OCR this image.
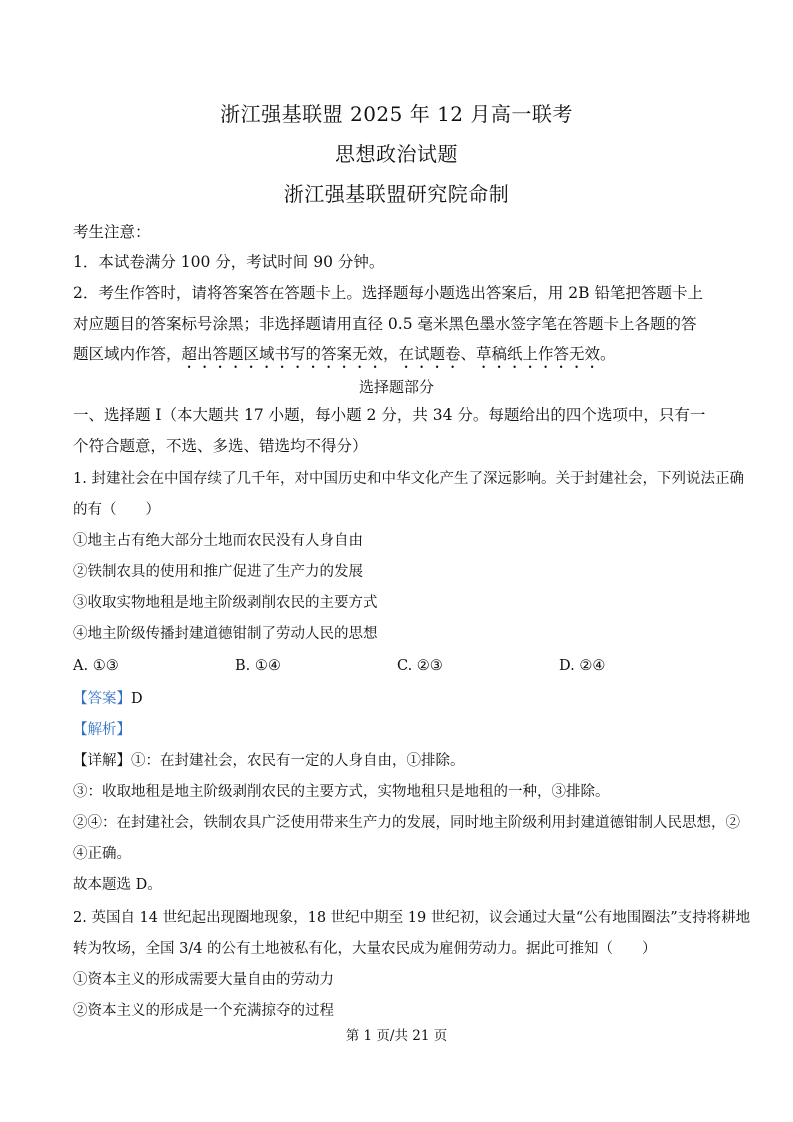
浙江强基联盟 2025 年 12 月高一联考
思想政治试题
浙江强基联盟研究院命制
考生注意：
1．本试卷满分 100 分，考试时间 90 分钟。
2．考生作答时，请将答案答在答题卡上。选择题每小题选出答案后，用 2B 铅笔把答题卡上
对应题目的答案标号涂黑；非选择题请用直径 0.5 毫米黑色墨水签字笔在答题卡上各题的答
题区域内作答，超出答题区域书写的答案无效，在试题卷、草稿纸上作答无效。
选择题部分
一、选择题 I（本大题共 17 小题，每小题 2 分，共 34 分。每题给出的四个选项中，只有一
个符合题意，不选、多选、错选均不得分）
1. 封建社会在中国存续了几千年，对中国历史和中华文化产生了深远影响。关于封建社会，下列说法正确
的有（　　）
①地主占有绝大部分土地而农民没有人身自由
②铁制农具的使用和推广促进了生产力的发展
③收取实物地租是地主阶级剥削农民的主要方式
④地主阶级传播封建道德钳制了劳动人民的思想
A. ①③	B. ①④	C. ②③	D. ②④
【答案】D
【解析】
【详解】①：在封建社会，农民有一定的人身自由，①排除。
③：收取地租是地主阶级剥削农民的主要方式，实物地租只是地租的一种，③排除。
②④：在封建社会，铁制农具广泛使用带来生产力的发展，同时地主阶级利用封建道德钳制人民思想，②
④正确。
故本题选 D。
2. 英国自 14 世纪起出现圈地现象，18 世纪中期至 19 世纪初，议会通过大量“公有地围圈法”支持将耕地
转为牧场，全国 3/4 的公有土地被私有化，大量农民成为雇佣劳动力。据此可推知（　　）
①资本主义的形成需要大量自由的劳动力
②资本主义的形成是一个充满掠夺的过程
第 1 页/共 21 页
